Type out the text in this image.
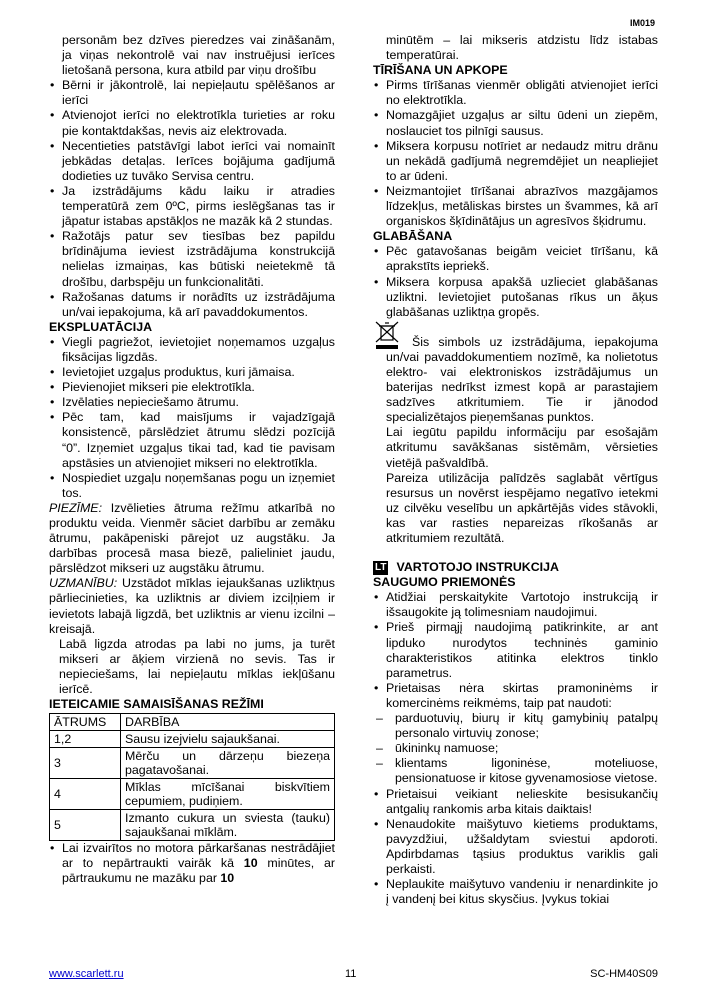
IM019

personām bez dzīves pieredzes vai zināšanām, ja viņas nekontrolē vai nav instruējusi ierīces lietošanā persona, kura atbild par viņu drošību

• Bērni ir jākontrolē, lai nepieļautu spēlēšanos ar ierīci

• Atvienojot ierīci no elektrotīkla turieties ar roku pie kontaktdakšas, nevis aiz elektrovada.

• Necentieties patstāvīgi labot ierīci vai nomainīt jebkādas detaļas. Ierīces bojājuma gadījumā dodieties uz tuvāko Servisa centru.

• Ja izstrādājums kādu laiku ir atradies temperatūrā zem 0ºC, pirms ieslēgšanas tas ir jāpatur istabas apstākļos ne mazāk kā 2 stundas.

• Ražotājs patur sev tiesības bez papildu brīdinājuma ieviest izstrādājuma konstrukcijā nelielas izmaiņas, kas būtiski neietekmē tā drošību, darbspēju un funkcionalitāti.

• Ražošanas datums ir norādīts uz izstrādājuma un/vai iepakojuma, kā arī pavaddokumentos.

EKSPLUATĀCIJA

• Viegli pagriežot, ievietojiet noņemamos uzgaļus fiksācijas ligzdās.

• Ievietojiet uzgaļus produktus, kuri jāmaisa.

• Pievienojiet mikseri pie elektrotīkla.

• Izvēlaties nepieciešamo ātrumu.

• Pēc tam, kad maisījums ir vajadzīgajā konsistencē, pārslēdziet ātrumu slēdzi pozīcijā “0”. Izņemiet uzgaļus tikai tad, kad tie pavisam apstāsies un atvienojiet mikseri no elektrotīkla.

• Nospiediet uzgaļu noņemšanas pogu un izņemiet tos.

PIEZĪME: Izvēlieties ātruma režīmu atkarībā no produktu veida. Vienmēr sāciet darbību ar zemāku ātrumu, pakāpeniski pārejot uz augstāku. Ja darbības procesā masa biezē, palieliniet jaudu, pārslēdzot mikseri uz augstāku ātrumu.

UZMANĪBU: Uzstādot mīklas iejaukšanas uzliktņus pārliecinieties, ka uzliktnis ar diviem izciļņiem ir ievietots labajā ligzdā, bet uzliktnis ar vienu izcilni – kreisajā.

Labā ligzda atrodas pa labi no jums, ja turēt mikseri ar āķiem virzienā no sevis. Tas ir nepieciešams, lai nepieļautu mīklas iekļūšanu ierīcē.

IETEICAMIE SAMAISĪŠANAS REŽĪMI

ĀTRUMS	DARBĪBA
1,2	Sausu izejvielu sajaukšanai.
3	Mērču un dārzeņu biezeņa pagatavošanai.
4	Mīklas mīcīšanai biskvītiem cepumiem, pudiņiem.
5	Izmanto cukura un sviesta (tauku) sajaukšanai mīklām.

• Lai izvairītos no motora pārkaršanas nestrādājiet ar to nepārtraukti vairāk kā 10 minūtes, ar pārtraukumu ne mazāku par 10

minūtēm – lai mikseris atdzistu līdz istabas temperatūrai.

TĪRĪŠANA UN APKOPE

• Pirms tīrīšanas vienmēr obligāti atvienojiet ierīci no elektrotīkla.

• Nomazgājiet uzgaļus ar siltu ūdeni un ziepēm, noslauciet tos pilnīgi sausus.

• Miksera korpusu notīriet ar nedaudz mitru drānu un nekādā gadījumā negremdējiet un neapliejiet to ar ūdeni.

• Neizmantojiet tīrīšanai abrazīvos mazgājamos līdzekļus, metāliskas birstes un švammes, kā arī organiskos šķīdinātājus un agresīvos šķidrumu.

GLABĀŠANA

• Pēc gatavošanas beigām veiciet tīrīšanu, kā aprakstīts iepriekš.

• Miksera korpusa apakšā uzlieciet glabāšanas uzliktni. Ievietojiet putošanas rīkus un āķus glabāšanas uzliktņa gropēs.

Šis simbols uz izstrādājuma, iepakojuma un/vai pavaddokumentiem nozīmē, ka nolietotus elektro- vai elektroniskos izstrādājumus un baterijas nedrīkst izmest kopā ar parastajiem sadzīves atkritumiem. Tie ir jānodod specializētajos pieņemšanas punktos.

Lai iegūtu papildu informāciju par esošajām atkritumu savākšanas sistēmām, vērsieties vietējā pašvaldībā.

Pareiza utilizācija palīdzēs saglabāt vērtīgus resursus un novērst iespējamo negatīvo ietekmi uz cilvēku veselību un apkārtējās vides stāvokli, kas var rasties nepareizas rīkošanās ar atkritumiem rezultātā.

LT VARTOTOJO INSTRUKCIJA

SAUGUMO PRIEMONĖS

• Atidžiai perskaitykite Vartotojo instrukciją ir išsaugokite ją tolimesniam naudojimui.

• Prieš pirmąjį naudojimą patikrinkite, ar ant lipduko nurodytos techninės gaminio charakteristikos atitinka elektros tinklo parametrus.

• Prietaisas nėra skirtas pramoninėms ir komercinėms reikmėms, taip pat naudoti:

– parduotuvių, biurų ir kitų gamybinių patalpų personalo virtuvių zonose;

– ūkininkų namuose;

– klientams ligoninėse, moteliuose, pensionatuose ir kitose gyvenamosiose vietose.

• Prietaisui veikiant nelieskite besisukančių antgalių rankomis arba kitais daiktais!

• Nenaudokite maišytuvo kietiems produktams, pavyzdžiui, užšaldytam sviestui apdoroti. Apdirbdamas tąsius produktus variklis gali perkaisti.

• Neplaukite maišytuvo vandeniu ir nenardinkite jo į vandenį bei kitus skysčius. Įvykus tokiai

www.scarlett.ru	11	SC-HM40S09
